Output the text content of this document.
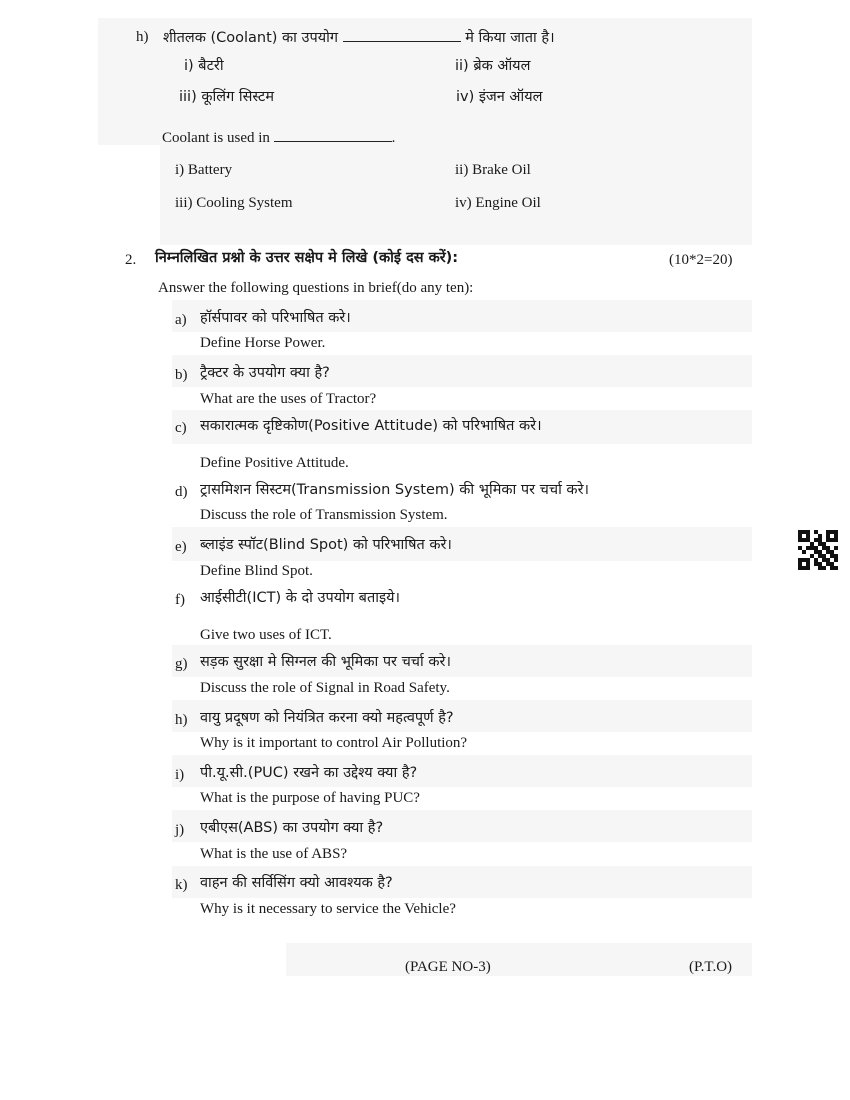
h) शीतलक (Coolant) का उपयोग	मे किया जाता है।
i) बैटरी	ii) ब्रेक ऑयल
iii) कूलिंग सिस्टम	iv) इंजन ऑयल
Coolant is used in	.
i) Battery	ii) Brake Oil
iii) Cooling System	iv) Engine Oil
2. निम्नलिखित प्रश्नो के उत्तर सक्षेप मे लिखे (कोई दस करें):	(10*2=20)
Answer the following questions in brief(do any ten):
a) हॉर्सपावर को परिभाषित करे।
Define Horse Power.
b) ट्रैक्टर के उपयोग क्या है?
What are the uses of Tractor?
c) सकारात्मक दृष्टिकोण(Positive Attitude) को परिभाषित करे।
Define Positive Attitude.
d) ट्रासमिशन सिस्टम(Transmission System) की भूमिका पर चर्चा करे।
Discuss the role of Transmission System.
e) ब्लाइंड स्पॉट(Blind Spot) को परिभाषित करे।
Define Blind Spot.
f) आईसीटी(ICT) के दो उपयोग बताइये।
Give two uses of ICT.
g) सड़क सुरक्षा मे सिग्नल की भूमिका पर चर्चा करे।
Discuss the role of Signal in Road Safety.
h) वायु प्रदूषण को नियंत्रित करना क्यो महत्वपूर्ण है?
Why is it important to control Air Pollution?
i) पी.यू.सी.(PUC) रखने का उद्देश्य क्या है?
What is the purpose of having PUC?
j) एबीएस(ABS) का उपयोग क्या है?
What is the use of ABS?
k) वाहन की सर्विसिंग क्यो आवश्यक है?
Why is it necessary to service the Vehicle?
(PAGE NO-3)	(P.T.O)
